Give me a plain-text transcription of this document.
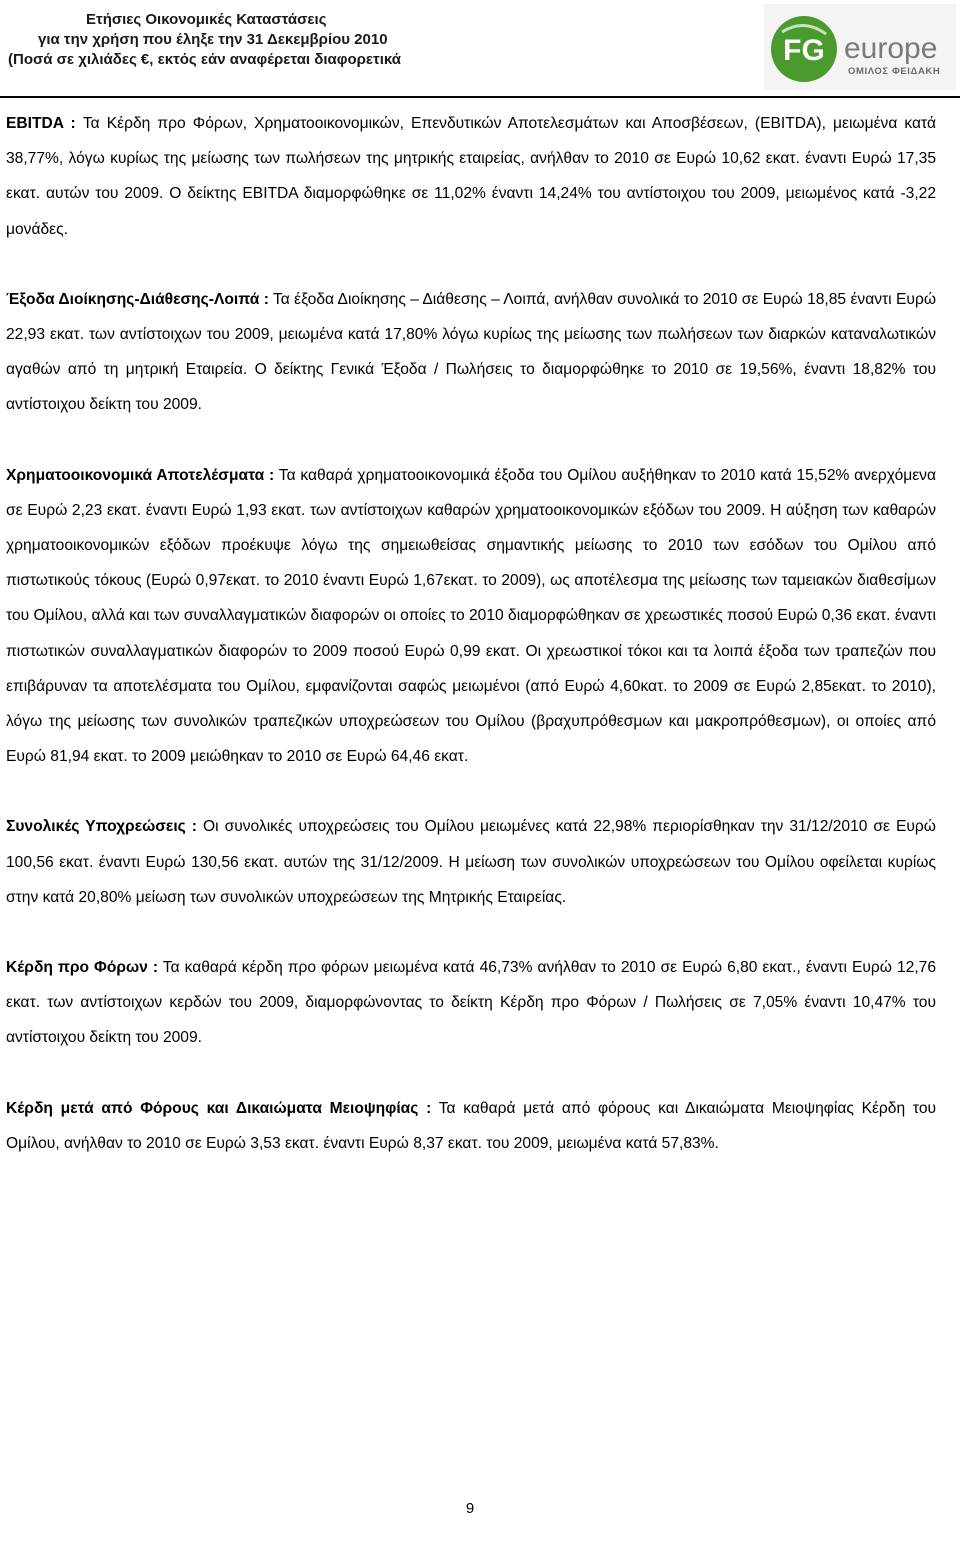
Ετήσιες Οικονομικές Καταστάσεις
για την χρήση που έληξε την 31 Δεκεμβρίου 2010
(Ποσά σε χιλιάδες €, εκτός εάν αναφέρεται διαφορετικά	FG europe
ΟΜΙΛΟΣ ΦΕΙΔΑΚΗ

EBITDA : Τα Κέρδη προ Φόρων, Χρηματοοικονομικών, Επενδυτικών Αποτελεσμάτων και Αποσβέσεων, (EBITDA), μειωμένα κατά 38,77%, λόγω κυρίως της μείωσης των πωλήσεων της μητρικής εταιρείας, ανήλθαν το 2010 σε Ευρώ 10,62 εκατ. έναντι Ευρώ 17,35 εκατ. αυτών του 2009. Ο δείκτης EBITDA διαμορφώθηκε σε 11,02% έναντι 14,24% του αντίστοιχου του 2009, μειωμένος κατά -3,22 μονάδες.

Έξοδα Διοίκησης-Διάθεσης-Λοιπά : Τα έξοδα Διοίκησης – Διάθεσης – Λοιπά, ανήλθαν συνολικά το 2010 σε Ευρώ 18,85 έναντι Ευρώ 22,93 εκατ. των αντίστοιχων του 2009, μειωμένα κατά 17,80% λόγω κυρίως της μείωσης των πωλήσεων των διαρκών καταναλωτικών αγαθών από τη μητρική Εταιρεία. Ο δείκτης Γενικά Έξοδα / Πωλήσεις το διαμορφώθηκε το 2010 σε 19,56%, έναντι 18,82% του αντίστοιχου δείκτη του 2009.

Χρηματοοικονομικά Αποτελέσματα : Τα καθαρά χρηματοοικονομικά έξοδα του Ομίλου αυξήθηκαν το 2010 κατά 15,52% ανερχόμενα σε Ευρώ 2,23 εκατ. έναντι Ευρώ 1,93 εκατ. των αντίστοιχων καθαρών χρηματοοικονομικών εξόδων του 2009. Η αύξηση των καθαρών χρηματοοικονομικών εξόδων προέκυψε λόγω της σημειωθείσας σημαντικής μείωσης το 2010 των εσόδων του Ομίλου από πιστωτικούς τόκους (Ευρώ 0,97εκατ. το 2010 έναντι Ευρώ 1,67εκατ. το 2009), ως αποτέλεσμα της μείωσης των ταμειακών διαθεσίμων του Ομίλου, αλλά και των συναλλαγματικών διαφορών οι οποίες το 2010 διαμορφώθηκαν σε χρεωστικές ποσού Ευρώ 0,36 εκατ. έναντι πιστωτικών συναλλαγματικών διαφορών το 2009 ποσού Ευρώ 0,99 εκατ. Οι χρεωστικοί τόκοι και τα λοιπά έξοδα των τραπεζών που επιβάρυναν τα αποτελέσματα του Ομίλου, εμφανίζονται σαφώς μειωμένοι (από Ευρώ 4,60κατ. το 2009 σε Ευρώ 2,85εκατ. το 2010), λόγω της μείωσης των συνολικών τραπεζικών υποχρεώσεων του Ομίλου (βραχυπρόθεσμων και μακροπρόθεσμων), οι οποίες από Ευρώ 81,94 εκατ. το 2009 μειώθηκαν το 2010 σε Ευρώ 64,46 εκατ.

Συνολικές Υποχρεώσεις : Οι συνολικές υποχρεώσεις του Ομίλου μειωμένες κατά 22,98% περιορίσθηκαν την 31/12/2010 σε Ευρώ 100,56 εκατ. έναντι Ευρώ 130,56 εκατ. αυτών της 31/12/2009. Η μείωση των συνολικών υποχρεώσεων του Ομίλου οφείλεται κυρίως στην κατά 20,80% μείωση των συνολικών υποχρεώσεων της Μητρικής Εταιρείας.

Κέρδη προ Φόρων : Τα καθαρά κέρδη προ φόρων μειωμένα κατά 46,73% ανήλθαν το 2010 σε Ευρώ 6,80 εκατ., έναντι Ευρώ 12,76 εκατ. των αντίστοιχων κερδών του 2009, διαμορφώνοντας το δείκτη Κέρδη προ Φόρων / Πωλήσεις σε 7,05% έναντι 10,47% του αντίστοιχου δείκτη του 2009.

Κέρδη μετά από Φόρους και Δικαιώματα Μειοψηφίας : Τα καθαρά μετά από φόρους και Δικαιώματα Μειοψηφίας Κέρδη του Ομίλου, ανήλθαν το 2010 σε Ευρώ 3,53 εκατ. έναντι Ευρώ 8,37 εκατ. του 2009, μειωμένα κατά 57,83%.

9
